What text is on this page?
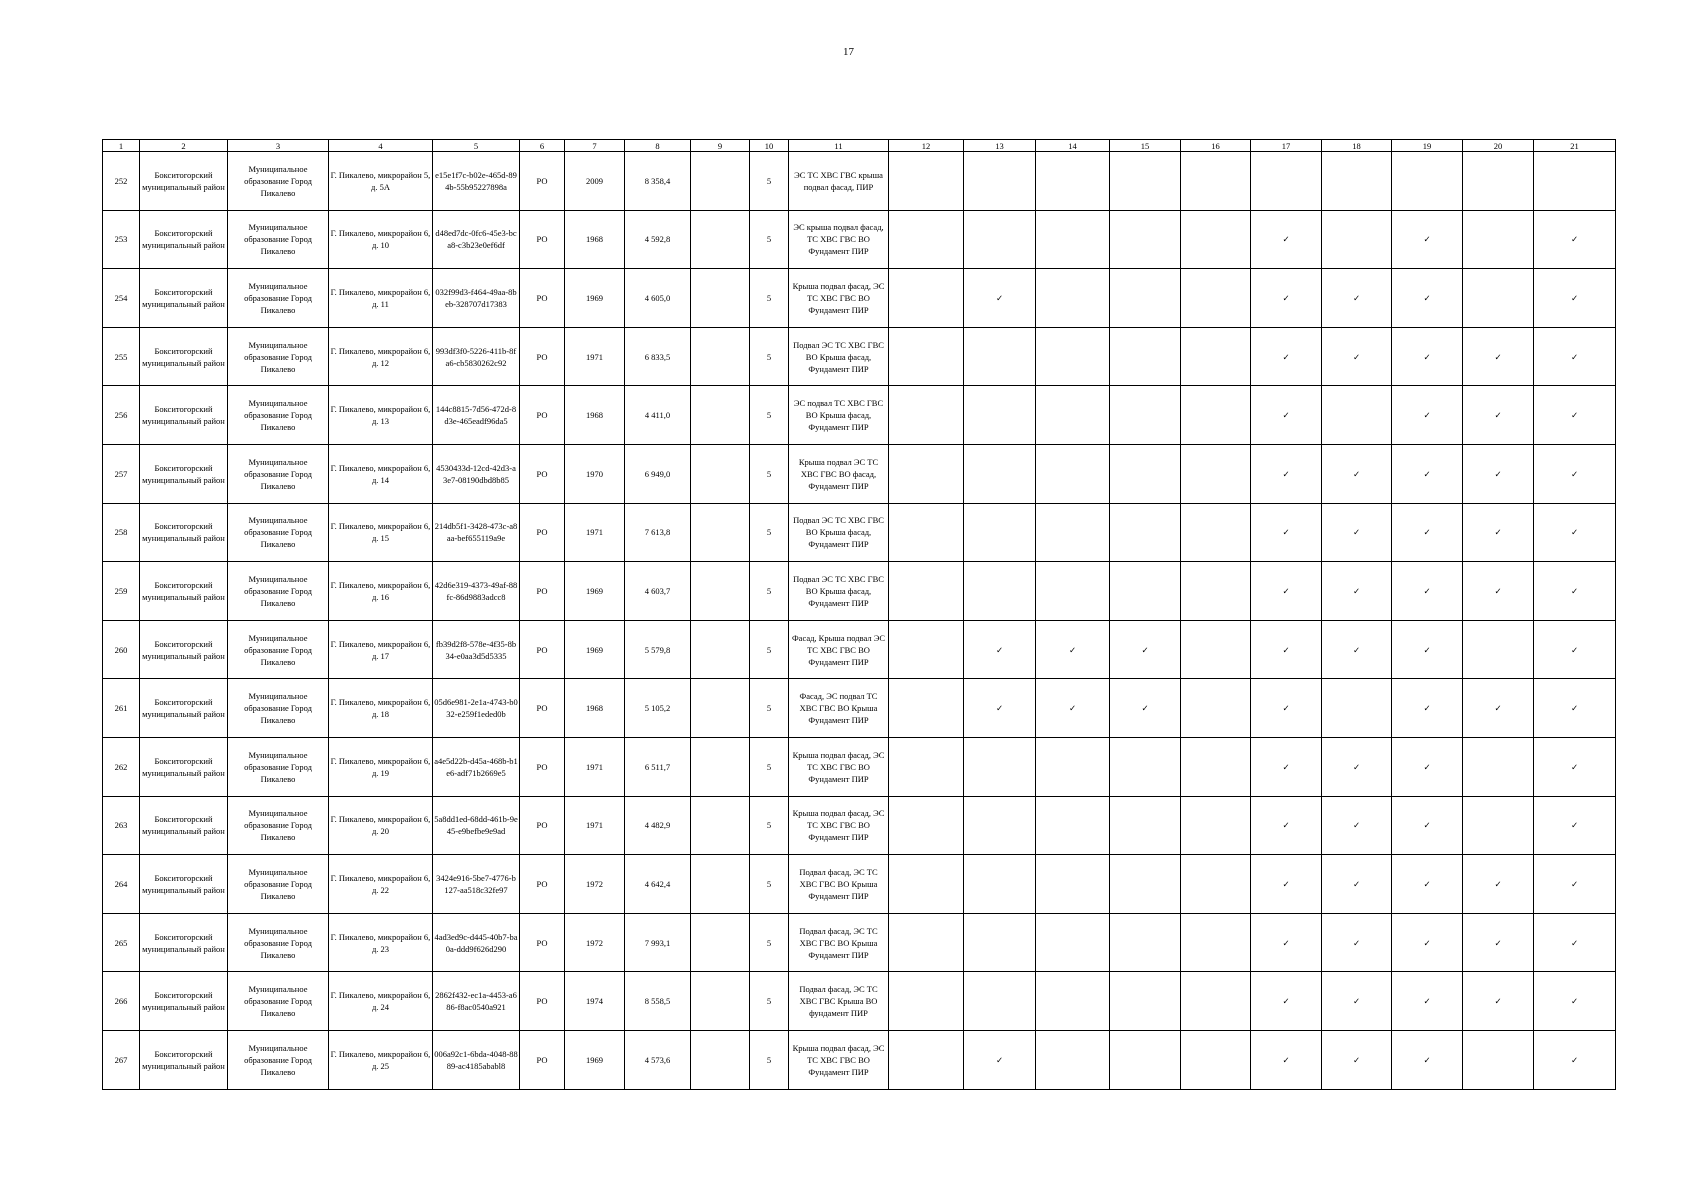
17
1	2	3	4	5	6	7	8	9	10	11	12	13	14	15	16	17	18	19	20	21
252	Бокситогорский муниципальный район	Муниципальное образование Город Пикалево	Г. Пикалево, микрорайон 5, д. 5А	e15e1f7c-b02e-465d-894b-55b95227898a	РО	2009	8 358,4		5	ЭС ТС ХВС ГВС крыша подвал фасад, ПИР										
253	Бокситогорский муниципальный район	Муниципальное образование Город Пикалево	Г. Пикалево, микрорайон 6, д. 10	d48ed7dc-0fc6-45e3-bca8-c3b23e0ef6df	РО	1968	4 592,8		5	ЭС крыша подвал фасад, ТС ХВС ГВС ВО Фундамент ПИР						✓		✓		✓
254	Бокситогорский муниципальный район	Муниципальное образование Город Пикалево	Г. Пикалево, микрорайон 6, д. 11	032f99d3-f464-49aa-8beb-328707d17383	РО	1969	4 605,0		5	Крыша подвал фасад, ЭС ТС ХВС ГВС ВО Фундамент ПИР		✓				✓	✓	✓		✓
255	Бокситогорский муниципальный район	Муниципальное образование Город Пикалево	Г. Пикалево, микрорайон 6, д. 12	993df3f0-5226-411b-8fa6-cb5830262c92	РО	1971	6 833,5		5	Подвал ЭС ТС ХВС ГВС ВО Крыша фасад, Фундамент ПИР						✓	✓	✓	✓	✓
256	Бокситогорский муниципальный район	Муниципальное образование Город Пикалево	Г. Пикалево, микрорайон 6, д. 13	144c8815-7d56-472d-8d3e-465eadf96da5	РО	1968	4 411,0		5	ЭС подвал ТС ХВС ГВС ВО Крыша фасад, Фундамент ПИР						✓		✓	✓	✓
257	Бокситогорский муниципальный район	Муниципальное образование Город Пикалево	Г. Пикалево, микрорайон 6, д. 14	4530433d-12cd-42d3-a3e7-08190dbd8b85	РО	1970	6 949,0		5	Крыша подвал ЭС ТС ХВС ГВС ВО фасад, Фундамент ПИР						✓	✓	✓	✓	✓
258	Бокситогорский муниципальный район	Муниципальное образование Город Пикалево	Г. Пикалево, микрорайон 6, д. 15	214db5f1-3428-473c-a8aa-bef655119a9e	РО	1971	7 613,8		5	Подвал ЭС ТС ХВС ГВС ВО Крыша фасад, Фундамент ПИР						✓	✓	✓	✓	✓
259	Бокситогорский муниципальный район	Муниципальное образование Город Пикалево	Г. Пикалево, микрорайон 6, д. 16	42d6e319-4373-49af-88fc-86d9883adcc8	РО	1969	4 603,7		5	Подвал ЭС ТС ХВС ГВС ВО Крыша фасад, Фундамент ПИР						✓	✓	✓	✓	✓
260	Бокситогорский муниципальный район	Муниципальное образование Город Пикалево	Г. Пикалево, микрорайон 6, д. 17	fb39d2f8-578e-4f35-8b34-e0aa3d5d5335	РО	1969	5 579,8		5	Фасад, Крыша подвал ЭС ТС ХВС ГВС ВО Фундамент ПИР		✓	✓	✓		✓	✓	✓		✓
261	Бокситогорский муниципальный район	Муниципальное образование Город Пикалево	Г. Пикалево, микрорайон 6, д. 18	05d6e981-2e1a-4743-b032-e259f1eded0b	РО	1968	5 105,2		5	Фасад, ЭС подвал ТС ХВС ГВС ВО Крыша Фундамент ПИР		✓	✓	✓		✓		✓	✓	✓
262	Бокситогорский муниципальный район	Муниципальное образование Город Пикалево	Г. Пикалево, микрорайон 6, д. 19	a4e5d22b-d45a-468b-b1e6-adf71b2669e5	РО	1971	6 511,7		5	Крыша подвал фасад, ЭС ТС ХВС ГВС ВО Фундамент ПИР						✓	✓	✓		✓
263	Бокситогорский муниципальный район	Муниципальное образование Город Пикалево	Г. Пикалево, микрорайон 6, д. 20	5a8dd1ed-68dd-461b-9e45-e9befbe9e9ad	РО	1971	4 482,9		5	Крыша подвал фасад, ЭС ТС ХВС ГВС ВО Фундамент ПИР						✓	✓	✓		✓
264	Бокситогорский муниципальный район	Муниципальное образование Город Пикалево	Г. Пикалево, микрорайон 6, д. 22	3424e916-5be7-4776-b127-aa518c32fe97	РО	1972	4 642,4		5	Подвал фасад, ЭС ТС ХВС ГВС ВО Крыша Фундамент ПИР						✓	✓	✓	✓	✓
265	Бокситогорский муниципальный район	Муниципальное образование Город Пикалево	Г. Пикалево, микрорайон 6, д. 23	4ad3ed9c-d445-40b7-ba0a-ddd9f626d290	РО	1972	7 993,1		5	Подвал фасад, ЭС ТС ХВС ГВС ВО Крыша Фундамент ПИР						✓	✓	✓	✓	✓
266	Бокситогорский муниципальный район	Муниципальное образование Город Пикалево	Г. Пикалево, микрорайон 6, д. 24	2862f432-ec1a-4453-a686-f8ac0540a921	РО	1974	8 558,5		5	Подвал фасад, ЭС ТС ХВС ГВС Крыша ВО фундамент ПИР						✓	✓	✓	✓	✓
267	Бокситогорский муниципальный район	Муниципальное образование Город Пикалево	Г. Пикалево, микрорайон 6, д. 25	006a92c1-6bda-4048-8889-ac4185ababl8	РО	1969	4 573,6		5	Крыша подвал фасад, ЭС ТС ХВС ГВС ВО Фундамент ПИР		✓				✓	✓	✓		✓
